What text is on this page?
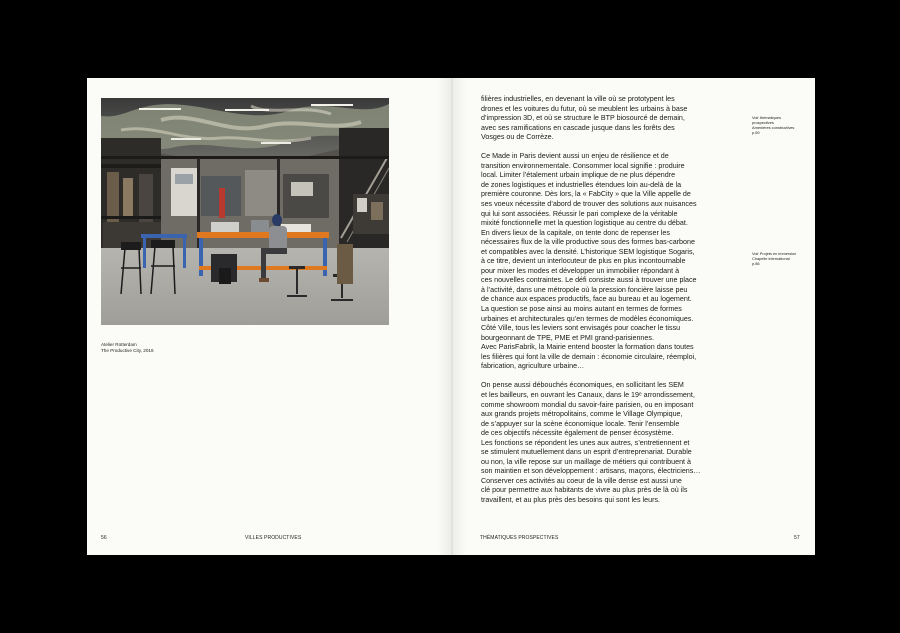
Atelier Rotterdam
The Productive City, 2016
56	VILLES PRODUCTIVES	THÉMATIQUES PROSPECTIVES	57
Voir thématiques
prospectives
Amenières constructives
p.69
Voir Projets en immersion
Chapelle international
p.86

filières industrielles, en devenant la ville où se prototypent les
drones et les voitures du futur, où se meublent les urbains à base
d’impression 3D, et où se structure le BTP biosourcé de demain,
avec ses ramifications en cascade jusque dans les forêts des
Vosges ou de Corrèze.

Ce Made in Paris devient aussi un enjeu de résilience et de
transition environnementale. Consommer local signifie : produire
local. Limiter l’étalement urbain implique de ne plus dépendre
de zones logistiques et industrielles étendues loin au-delà de la
première couronne. Dès lors, la « FabCity » que la Ville appelle de
ses voeux nécessite d’abord de trouver des solutions aux nuisances
qui lui sont associées. Réussir le pari complexe de la véritable
mixité fonctionnelle met la question logistique au centre du débat.
En divers lieux de la capitale, on tente donc de repenser les
nécessaires flux de la ville productive sous des formes bas-carbone
et compatibles avec la densité. L’historique SEM logistique Sogaris,
à ce titre, devient un interlocuteur de plus en plus incontournable
pour mixer les modes et développer un immobilier répondant à
ces nouvelles contraintes. Le défi consiste aussi à trouver une place
à l’activité, dans une métropole où la pression foncière laisse peu
de chance aux espaces productifs, face au bureau et au logement.
La question se pose ainsi au moins autant en termes de formes
urbaines et architecturales qu’en termes de modèles économiques.
Côté Ville, tous les leviers sont envisagés pour coacher le tissu
bourgeonnant de TPE, PME et PMI grand-parisiennes.
Avec ParisFabrik, la Mairie entend booster la formation dans toutes
les filières qui font la ville de demain : économie circulaire, réemploi,
fabrication, agriculture urbaine…

On pense aussi débouchés économiques, en sollicitant les SEM
et les bailleurs, en ouvrant les Canaux, dans le 19ᵉ arrondissement,
comme showroom mondial du savoir-faire parisien, ou en imposant
aux grands projets métropolitains, comme le Village Olympique,
de s’appuyer sur la scène économique locale. Tenir l’ensemble
de ces objectifs nécessite également de penser écosystème.
Les fonctions se répondent les unes aux autres, s’entretiennent et
se stimulent mutuellement dans un esprit d’entreprenariat. Durable
ou non, la ville repose sur un maillage de métiers qui contribuent à
son maintien et son développement : artisans, maçons, électriciens…
Conserver ces activités au coeur de la ville dense est aussi une
clé pour permettre aux habitants de vivre au plus près de là où ils
travaillent, et au plus près des besoins qui sont les leurs.
